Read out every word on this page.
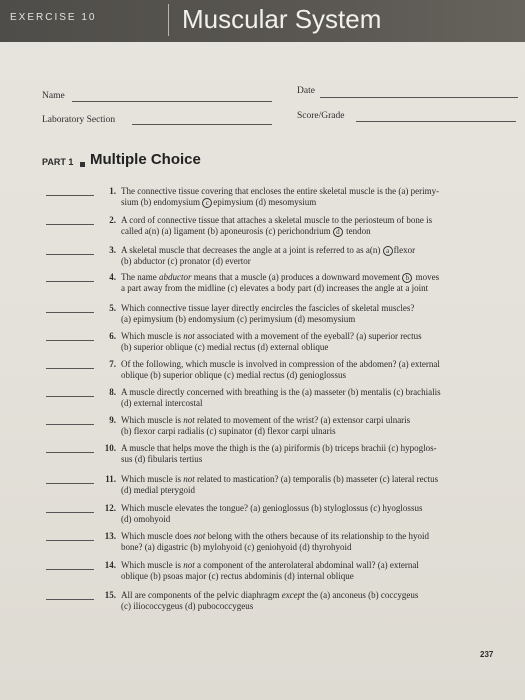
EXERCISE 10	Muscular System
Name	Date
Laboratory Section	Score/Grade
PART 1 Multiple Choice
1. The connective tissue covering that encloses the entire skeletal muscle is the (a) perimy-
sium (b) endomysium c epimysium (d) mesomysium
2. A cord of connective tissue that attaches a skeletal muscle to the periosteum of bone is
called a(n) (a) ligament (b) aponeurosis (c) perichondrium d tendon
3. A skeletal muscle that decreases the angle at a joint is referred to as a(n) a flexor
(b) abductor (c) pronator (d) evertor
4. The name abductor means that a muscle (a) produces a downward movement b moves
a part away from the midline (c) elevates a body part (d) increases the angle at a joint
5. Which connective tissue layer directly encircles the fascicles of skeletal muscles?
(a) epimysium (b) endomysium (c) perimysium (d) mesomysium
6. Which muscle is not associated with a movement of the eyeball? (a) superior rectus
(b) superior oblique (c) medial rectus (d) external oblique
7. Of the following, which muscle is involved in compression of the abdomen? (a) external
oblique (b) superior oblique (c) medial rectus (d) genioglossus
8. A muscle directly concerned with breathing is the (a) masseter (b) mentalis (c) brachialis
(d) external intercostal
9. Which muscle is not related to movement of the wrist? (a) extensor carpi ulnaris
(b) flexor carpi radialis (c) supinator (d) flexor carpi ulnaris
10. A muscle that helps move the thigh is the (a) piriformis (b) triceps brachii (c) hypoglos-
sus (d) fibularis tertius
11. Which muscle is not related to mastication? (a) temporalis (b) masseter (c) lateral rectus
(d) medial pterygoid
12. Which muscle elevates the tongue? (a) genioglossus (b) styloglossus (c) hyoglossus
(d) omohyoid
13. Which muscle does not belong with the others because of its relationship to the hyoid
bone? (a) digastric (b) mylohyoid (c) geniohyoid (d) thyrohyoid
14. Which muscle is not a component of the anterolateral abdominal wall? (a) external
oblique (b) psoas major (c) rectus abdominis (d) internal oblique
15. All are components of the pelvic diaphragm except the (a) anconeus (b) coccygeus
(c) iliococcygeus (d) pubococcygeus
237
